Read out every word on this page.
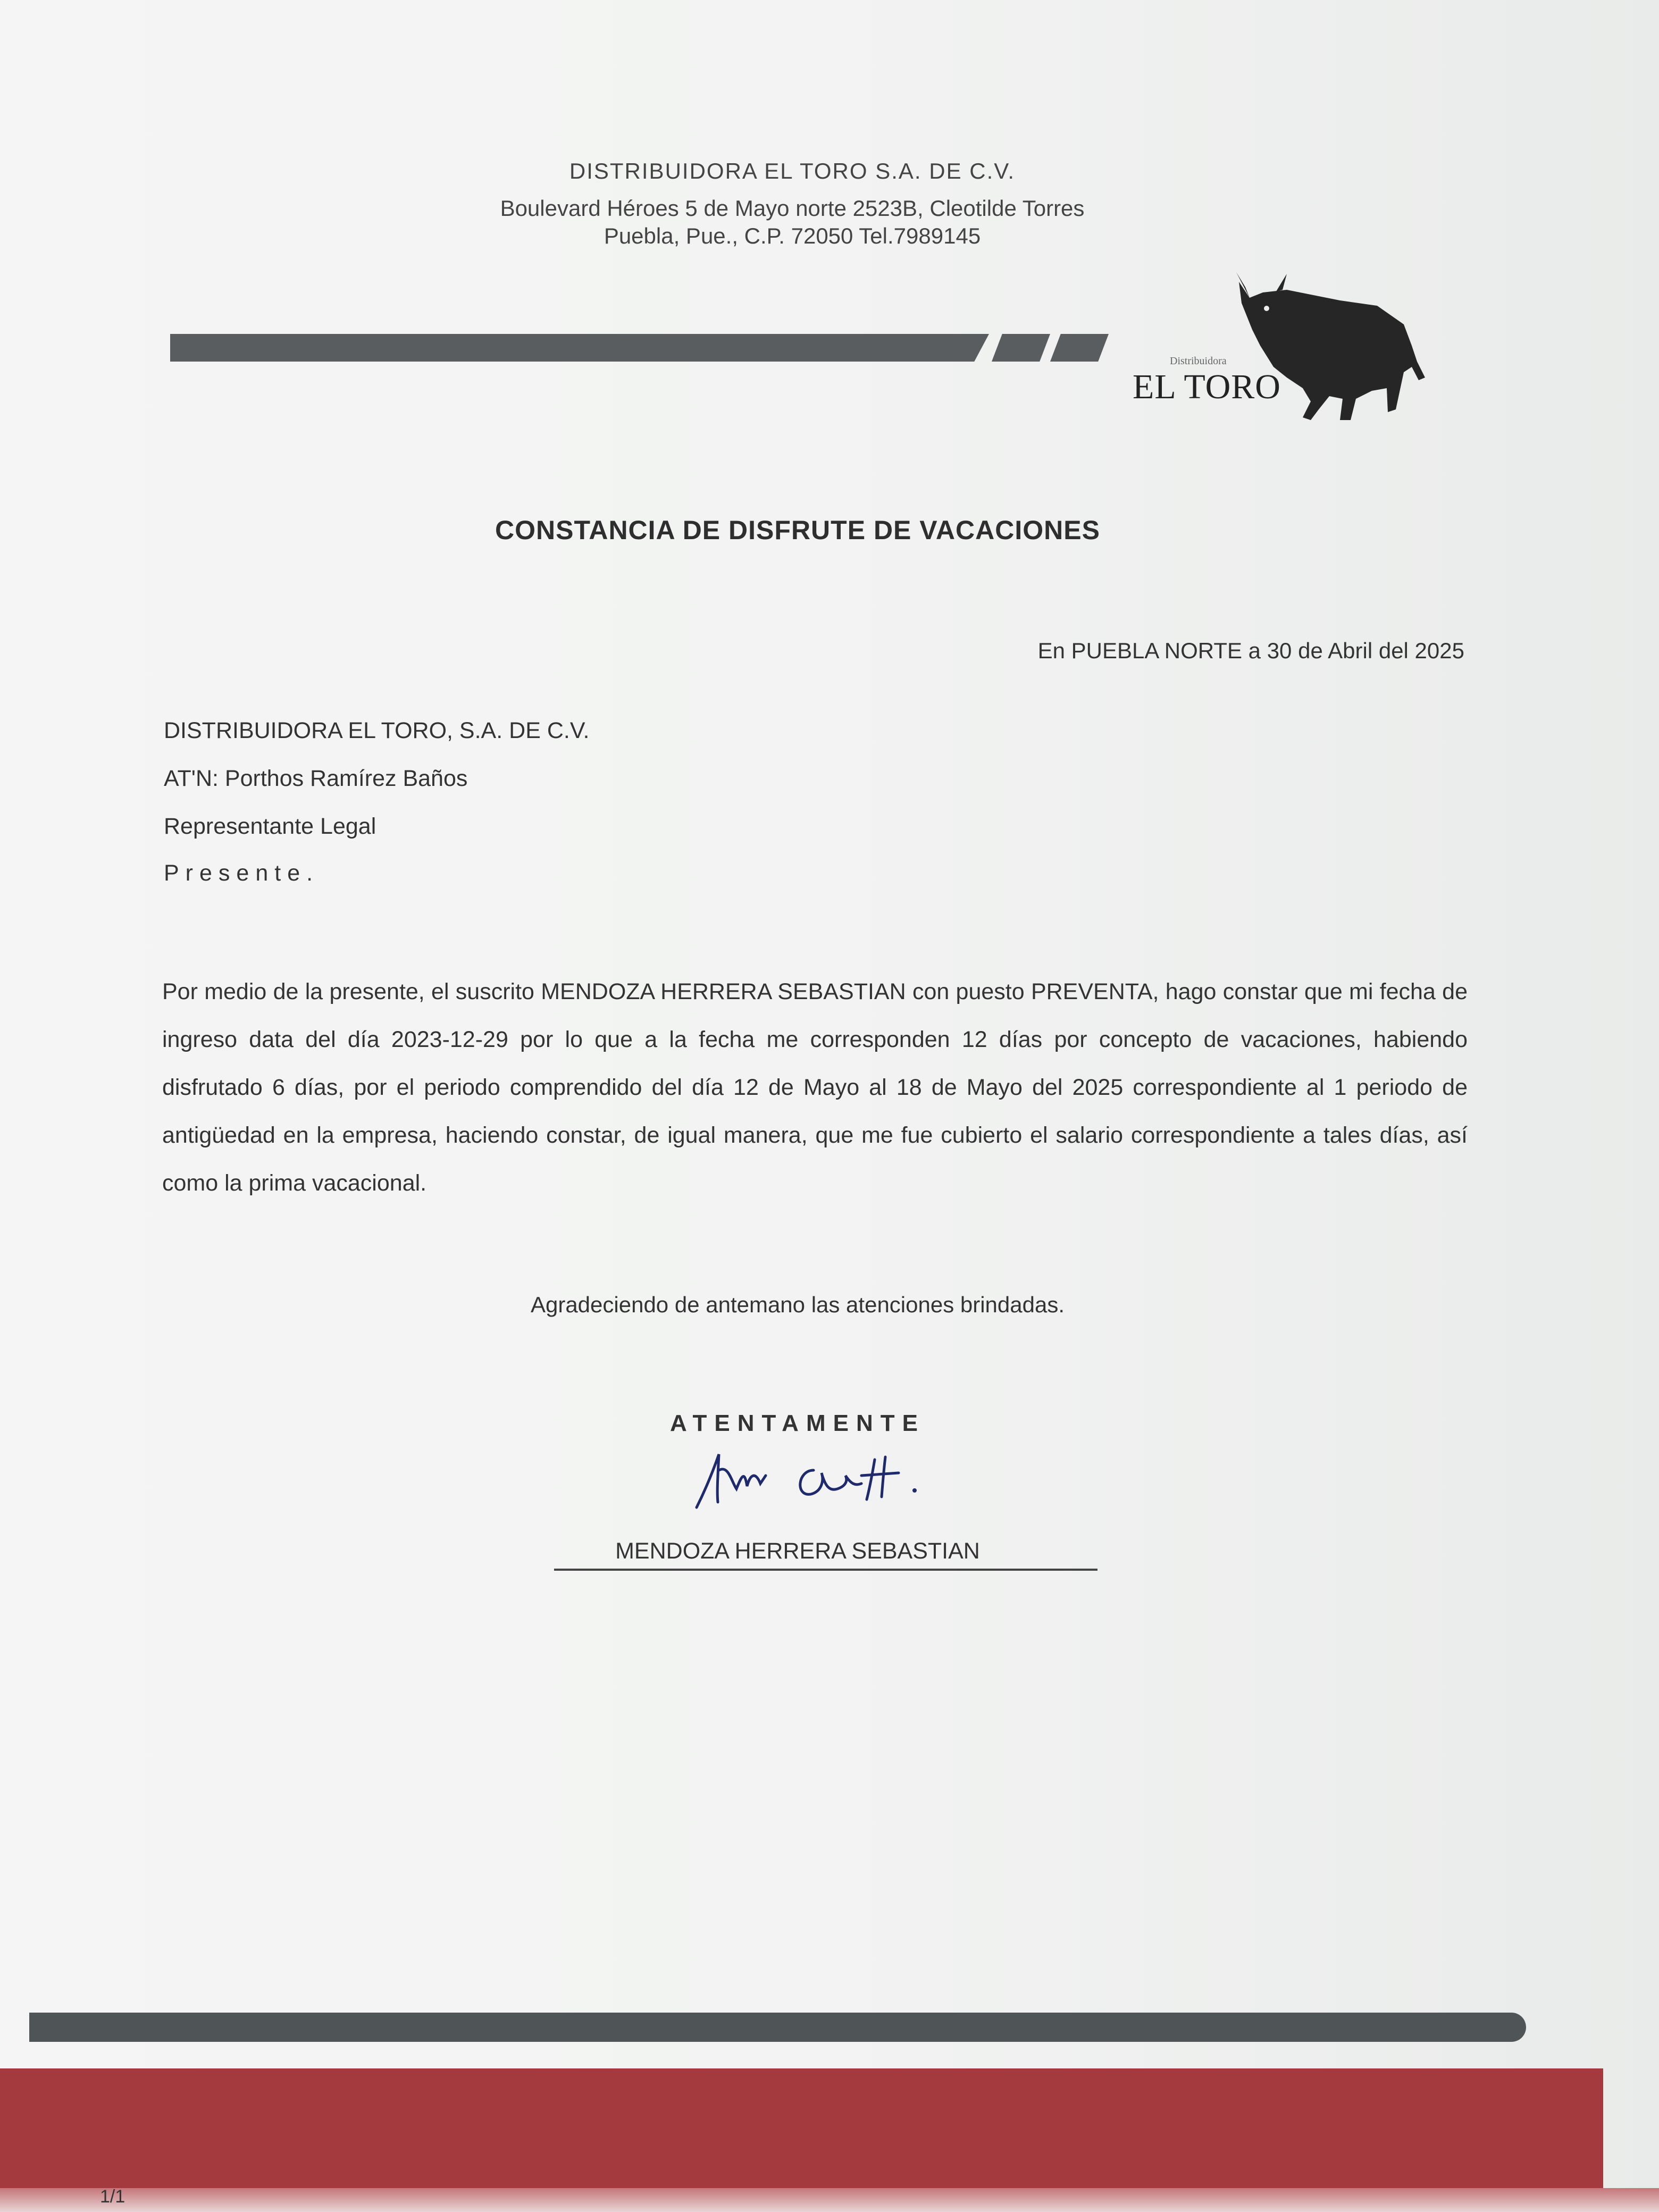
DISTRIBUIDORA EL TORO S.A. DE C.V.
Boulevard Héroes 5 de Mayo norte 2523B, Cleotilde Torres
Puebla, Pue., C.P. 72050 Tel.7989145
Distribuidora
EL TORO
CONSTANCIA DE DISFRUTE DE VACACIONES
En PUEBLA NORTE a 30 de Abril del 2025
DISTRIBUIDORA EL TORO, S.A. DE C.V.
AT'N: Porthos Ramírez Baños
Representante Legal
Presente.
Por medio de la presente, el suscrito MENDOZA HERRERA SEBASTIAN con puesto PREVENTA, hago constar que mi fecha de ingreso data del día 2023-12-29 por lo que a la fecha me corresponden 12 días por concepto de vacaciones, habiendo disfrutado 6 días, por el periodo comprendido del día 12 de Mayo al 18 de Mayo del 2025 correspondiente al 1 periodo de antigüedad en la empresa, haciendo constar, de igual manera, que me fue cubierto el salario correspondiente a tales días, así como la prima vacacional.
Agradeciendo de antemano las atenciones brindadas.
ATENTAMENTE
MENDOZA HERRERA SEBASTIAN
1/1
